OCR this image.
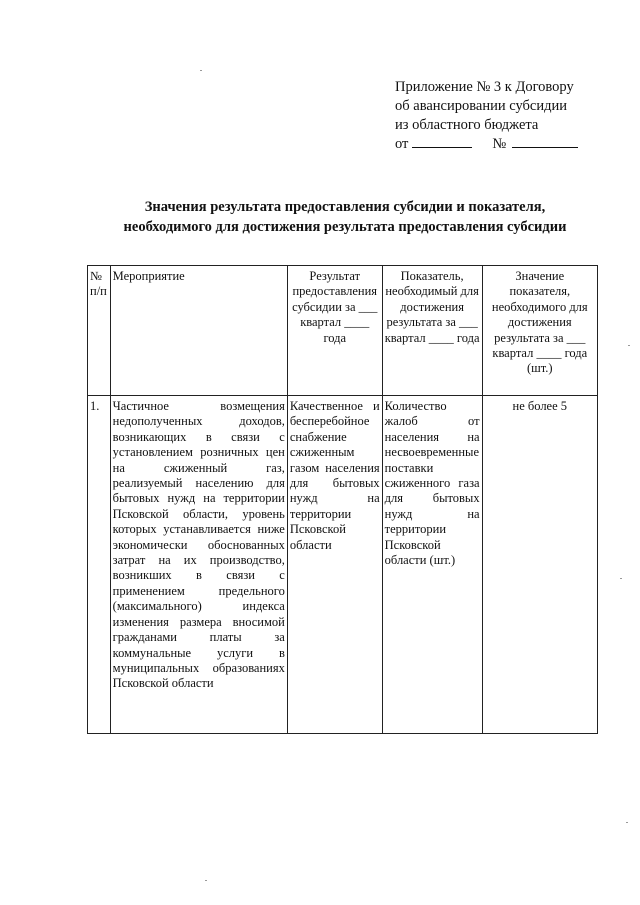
Приложение № 3 к Договору
об авансировании субсидии
из областного бюджета
от	№
Значения результата предоставления субсидии и показателя,
необходимого для достижения результата предоставления субсидии
№ п/п	Мероприятие	Результат предоставления субсидии за ___ квартал ____ года	Показатель, необходимый для достижения результата за ___ квартал ____ года	Значение показателя, необходимого для достижения результата за ___ квартал ____ года (шт.)
1.	Частичное возмещения недополученных доходов, возникающих в связи с установлением розничных цен на сжиженный газ, реализуемый населению для бытовых нужд на территории Псковской области, уровень которых устанавливается ниже экономически обоснованных затрат на их производство, возникших в связи с применением предельного (максимального) индекса изменения размера вносимой гражданами платы за коммунальные услуги в муниципальных образованиях Псковской области	Качественное и бесперебойное снабжение сжиженным газом населения для бытовых нужд на территории Псковской области	Количество жалоб от населения на несвоевременные поставки сжиженного газа для бытовых нужд на территории Псковской области (шт.)	не более 5
